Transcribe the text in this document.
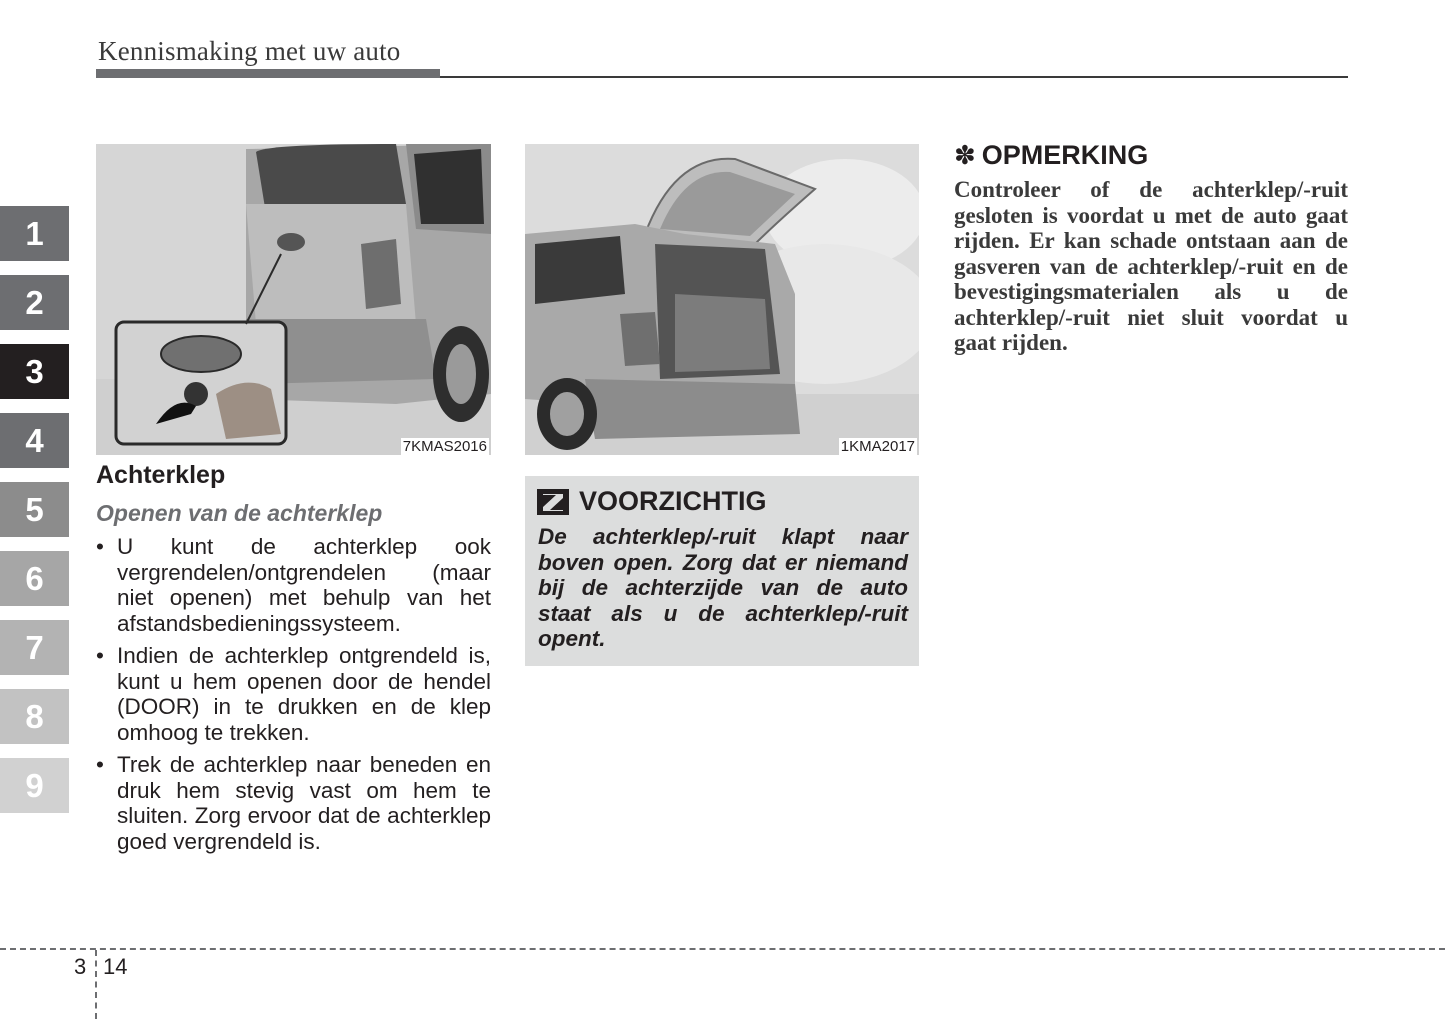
Kennismaking met uw auto
1
2
3
4
5
6
7
8
9
7KMAS2016	1KMA2017
Achterklep
Openen van de achterklep
• U kunt de achterklep ook vergrendelen/ontgrendelen (maar niet openen) met behulp van het afstandsbedieningssysteem.
• Indien de achterklep ontgrendeld is, kunt u hem openen door de hendel (DOOR) in te drukken en de klep omhoog te trekken.
• Trek de achterklep naar beneden en druk hem stevig vast om hem te sluiten. Zorg ervoor dat de achterklep goed vergrendeld is.
VOORZICHTIG
De achterklep/-ruit klapt naar boven open. Zorg dat er niemand bij de achterzijde van de auto staat als u de achterklep/-ruit opent.
✽ OPMERKING
Controleer of de achterklep/-ruit gesloten is voordat u met de auto gaat rijden. Er kan schade ontstaan aan de gasveren van de achterklep/-ruit en de bevestigingsmaterialen als u de achterklep/-ruit niet sluit voordat u gaat rijden.
3 14
